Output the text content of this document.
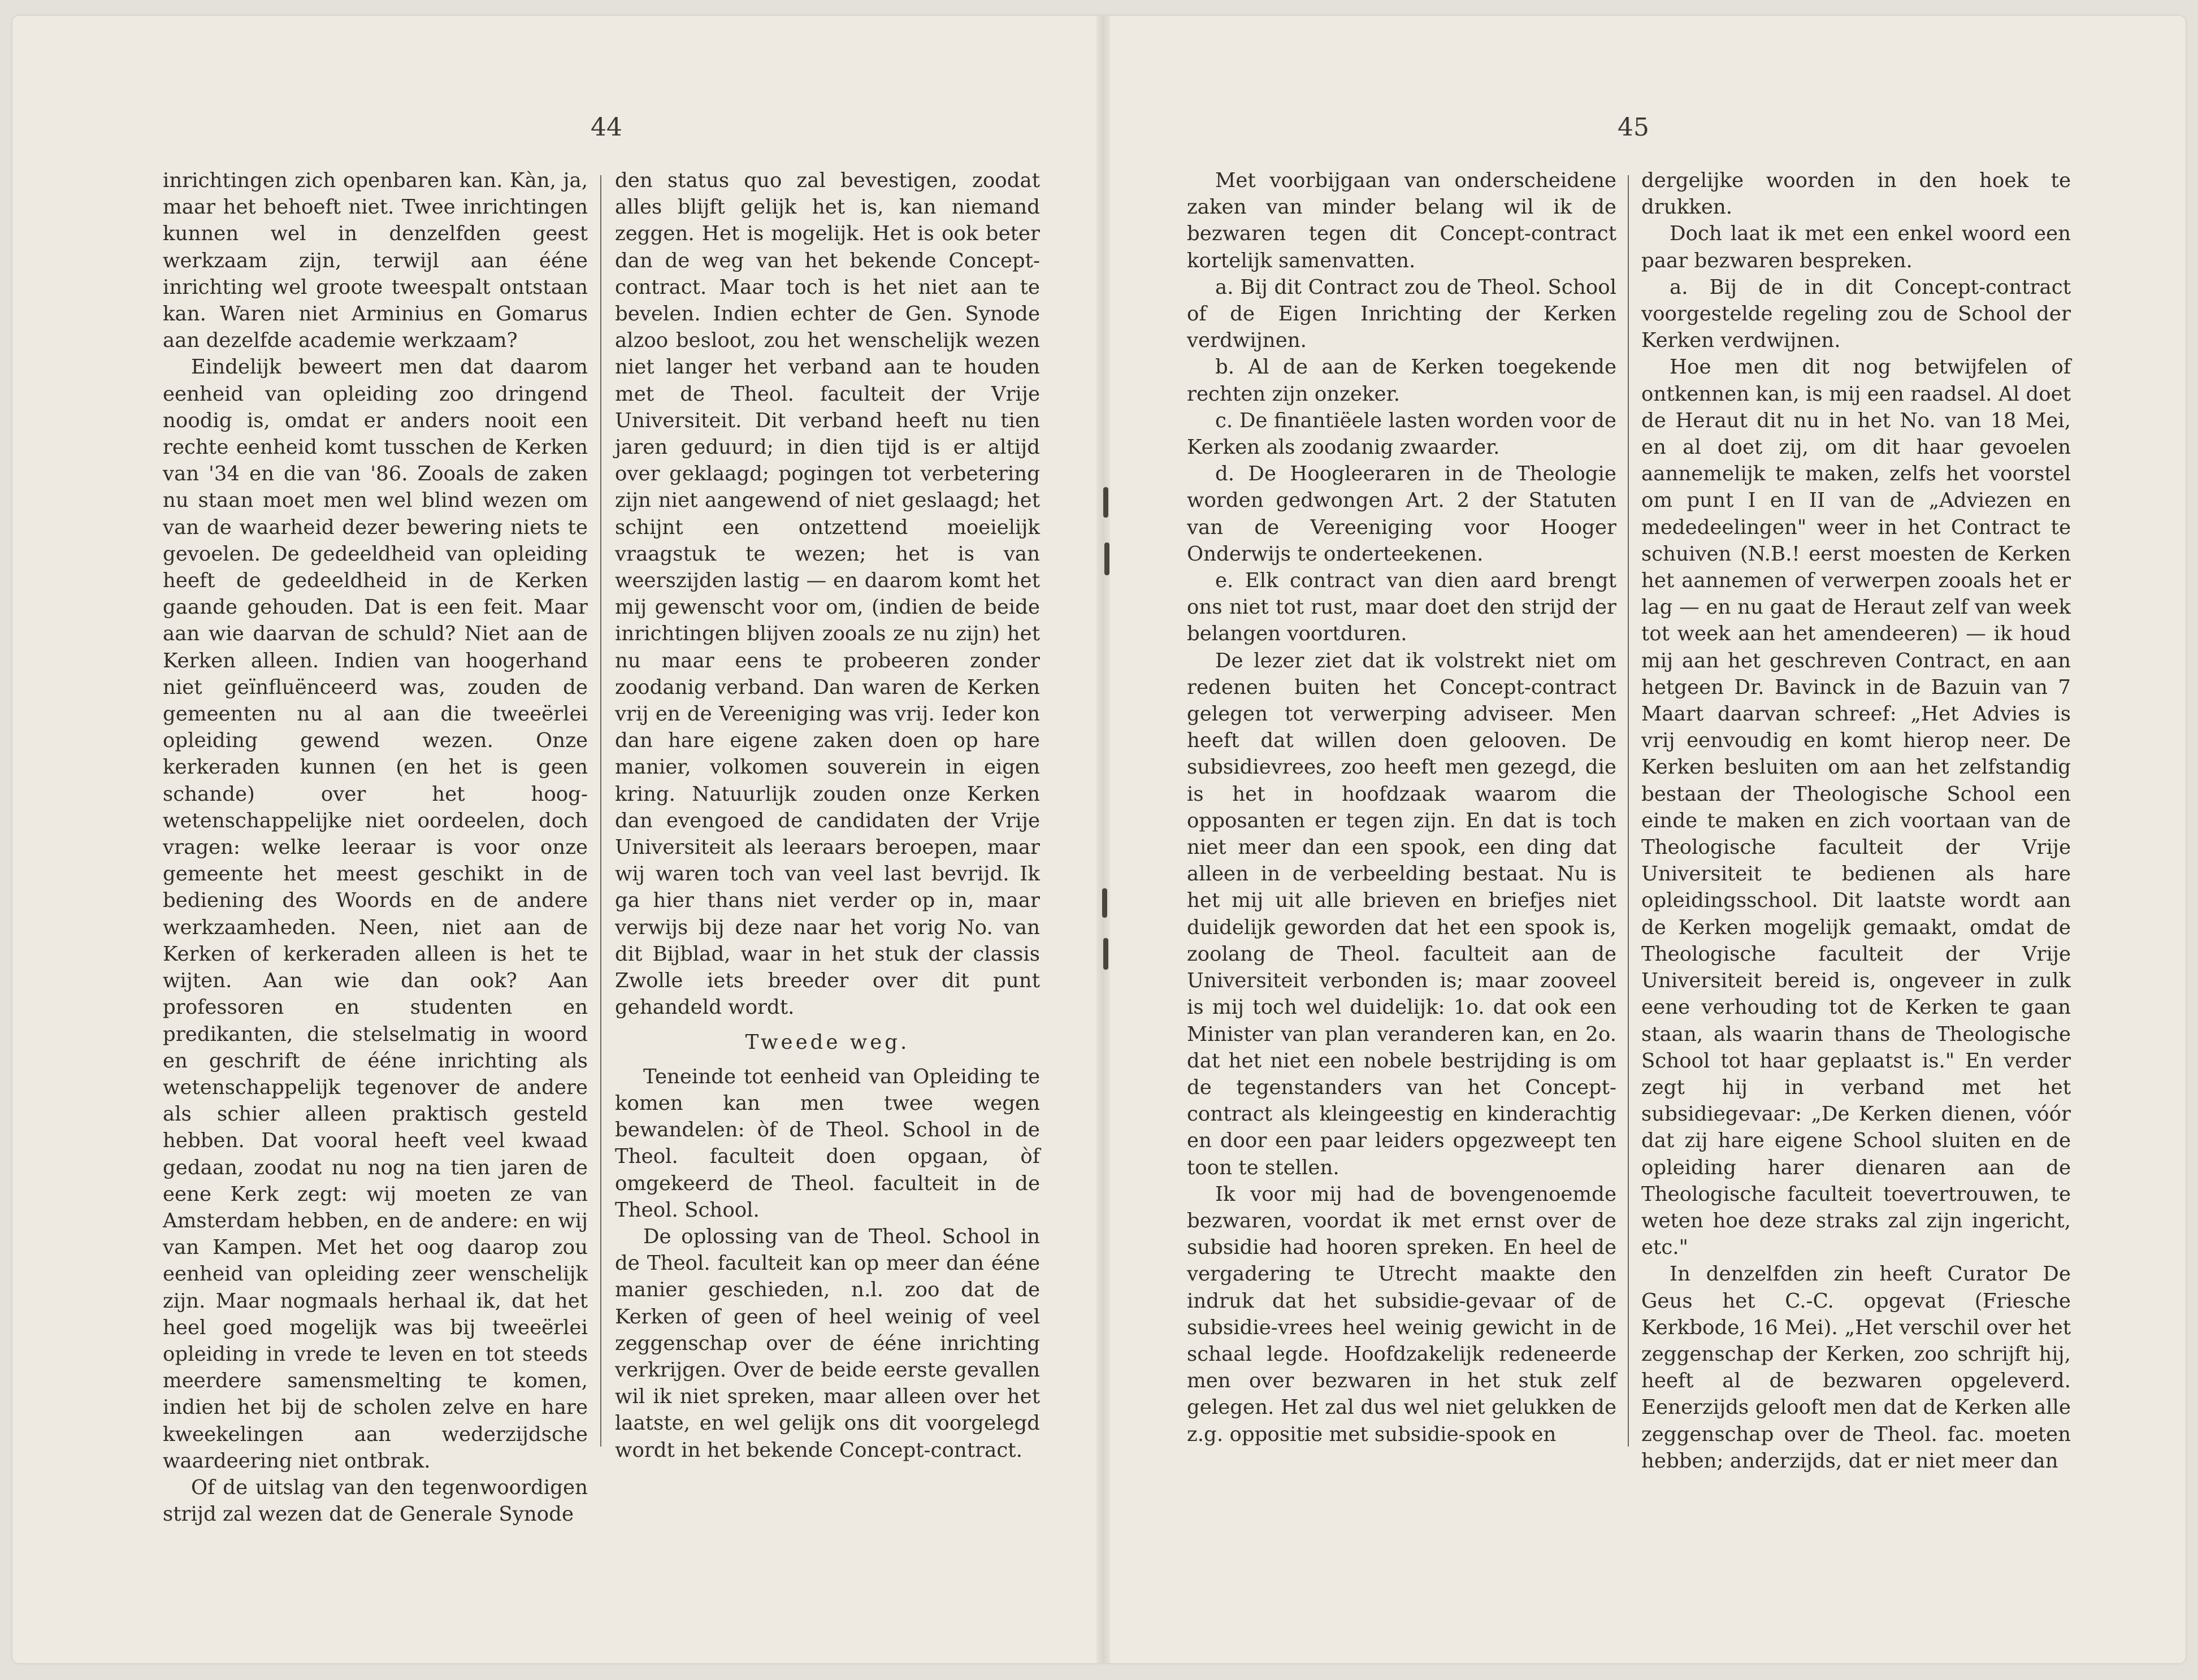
44

inrichtingen zich openbaren kan. Kàn, ja, maar het behoeft niet. Twee inrichtingen kunnen wel in denzelfden geest werkzaam zijn, terwijl aan éénе inrichting wel groote tweespalt ontstaan kan. Waren niet Arminius en Gomarus aan dezelfde academie werkzaam?

Eindelijk beweert men dat daarom eenheid van opleiding zoo dringend noodig is, omdat er anders nooit een rechte eenheid komt tusschen de Kerken van '34 en die van '86. Zooals de zaken nu staan moet men wel blind wezen om van de waarheid dezer bewering niets te gevoelen. De gedeeldheid van opleiding heeft de gedeeldheid in de Kerken gaande gehouden. Dat is een feit. Maar aan wie daarvan de schuld? Niet aan de Kerken alleen. Indien van hoogerhand niet geïnfluënceerd was, zouden de gemeenten nu al aan die tweeërlei opleiding gewend wezen. Onze kerkeraden kunnen (en het is geen schande) over het hoog-wetenschappelijke niet oordeelen, doch vragen: welke leeraar is voor onze gemeente het meest geschikt in de bediening des Woords en de andere werkzaamheden. Neen, niet aan de Kerken of kerkeraden alleen is het te wijten. Aan wie dan ook? Aan professoren en studenten en predikanten, die stelselmatig in woord en geschrift de éénе inrichting als wetenschappelijk tegenover de andere als schier alleen praktisch gesteld hebben. Dat vooral heeft veel kwaad gedaan, zoodat nu nog na tien jaren de eene Kerk zegt: wij moeten ze van Amsterdam hebben, en de andere: en wij van Kampen. Met het oog daarop zou eenheid van opleiding zeer wenschelijk zijn. Maar nogmaals herhaal ik, dat het heel goed mogelijk was bij tweeërlei opleiding in vrede te leven en tot steeds meerdere samensmelting te komen, indien het bij de scholen zelve en hare kweekelingen aan wederzijdsche waardeering niet ontbrak.

Of de uitslag van den tegenwoordigen strijd zal wezen dat de Generale Synode

den status quo zal bevestigen, zoodat alles blijft gelijk het is, kan niemand zeggen. Het is mogelijk. Het is ook beter dan de weg van het bekende Concept-contract. Maar toch is het niet aan te bevelen. Indien echter de Gen. Synode alzoo besloot, zou het wenschelijk wezen niet langer het verband aan te houden met de Theol. faculteit der Vrije Universiteit. Dit verband heeft nu tien jaren geduurd; in dien tijd is er altijd over geklaagd; pogingen tot verbetering zijn niet aangewend of niet geslaagd; het schijnt een ontzettend moeielijk vraagstuk te wezen; het is van weerszijden lastig — en daarom komt het mij gewenscht voor om, (indien de beide inrichtingen blijven zooals ze nu zijn) het nu maar eens te probeeren zonder zoodanig verband. Dan waren de Kerken vrij en de Vereeniging was vrij. Ieder kon dan hare eigene zaken doen op hare manier, volkomen souverein in eigen kring. Natuurlijk zouden onze Kerken dan evengoed de candidaten der Vrije Universiteit als leeraars beroepen, maar wij waren toch van veel last bevrijd. Ik ga hier thans niet verder op in, maar verwijs bij deze naar het vorig No. van dit Bijblad, waar in het stuk der classis Zwolle iets breeder over dit punt gehandeld wordt.

Tweede weg.

Teneinde tot eenheid van Opleiding te komen kan men twee wegen bewandelen: òf de Theol. School in de Theol. faculteit doen opgaan, òf omgekeerd de Theol. faculteit in de Theol. School.

De oplossing van de Theol. School in de Theol. faculteit kan op meer dan éénе manier geschieden, n.l. zoo dat de Kerken of geen of heel weinig of veel zeggenschap over de éénе inrichting verkrijgen. Over de beide eerste gevallen wil ik niet spreken, maar alleen over het laatste, en wel gelijk ons dit voorgelegd wordt in het bekende Concept-contract.

45

Met voorbijgaan van onderscheidene zaken van minder belang wil ik de bezwaren tegen dit Concept-contract kortelijk samenvatten.

a. Bij dit Contract zou de Theol. School of de Eigen Inrichting der Kerken verdwijnen.

b. Al de aan de Kerken toegekende rechten zijn onzeker.

c. De finantiëele lasten worden voor de Kerken als zoodanig zwaarder.

d. De Hoogleeraren in de Theologie worden gedwongen Art. 2 der Statuten van de Vereeniging voor Hooger Onderwijs te onderteekenen.

e. Elk contract van dien aard brengt ons niet tot rust, maar doet den strijd der belangen voortduren.

De lezer ziet dat ik volstrekt niet om redenen buiten het Concept-contract gelegen tot verwerping adviseer. Men heeft dat willen doen gelooven. De subsidievrees, zoo heeft men gezegd, die is het in hoofdzaak waarom die opposanten er tegen zijn. En dat is toch niet meer dan een spook, een ding dat alleen in de verbeelding bestaat. Nu is het mij uit alle brieven en briefjes niet duidelijk geworden dat het een spook is, zoolang de Theol. faculteit aan de Universiteit verbonden is; maar zooveel is mij toch wel duidelijk: 1o. dat ook een Minister van plan veranderen kan, en 2o. dat het niet een nobele bestrijding is om de tegenstanders van het Concept-contract als kleingeestig en kinderachtig en door een paar leiders opgezweept ten toon te stellen.

Ik voor mij had de bovengenoemde bezwaren, voordat ik met ernst over de subsidie had hooren spreken. En heel de vergadering te Utrecht maakte den indruk dat het subsidie-gevaar of de subsidie-vrees heel weinig gewicht in de schaal legde. Hoofdzakelijk redeneerde men over bezwaren in het stuk zelf gelegen. Het zal dus wel niet gelukken de z.g. oppositie met subsidie-spook en

dergelijke woorden in den hoek te drukken.

Doch laat ik met een enkel woord een paar bezwaren bespreken.

a. Bij de in dit Concept-contract voorgestelde regeling zou de School der Kerken verdwijnen.

Hoe men dit nog betwijfelen of ontkennen kan, is mij een raadsel. Al doet de Heraut dit nu in het No. van 18 Mei, en al doet zij, om dit haar gevoelen aannemelijk te maken, zelfs het voorstel om punt I en II van de „Adviezen en mededeelingen" weer in het Contract te schuiven (N.B.! eerst moesten de Kerken het aannemen of verwerpen zooals het er lag — en nu gaat de Heraut zelf van week tot week aan het amendeeren) — ik houd mij aan het geschreven Contract, en aan hetgeen Dr. Bavinck in de Bazuin van 7 Maart daarvan schreef: „Het Advies is vrij eenvoudig en komt hierop neer. De Kerken besluiten om aan het zelfstandig bestaan der Theologische School een einde te maken en zich voortaan van de Theologische faculteit der Vrije Universiteit te bedienen als hare opleidingsschool. Dit laatste wordt aan de Kerken mogelijk gemaakt, omdat de Theologische faculteit der Vrije Universiteit bereid is, ongeveer in zulk eene verhouding tot de Kerken te gaan staan, als waarin thans de Theologische School tot haar geplaatst is." En verder zegt hij in verband met het subsidiegevaar: „De Kerken dienen, vóór dat zij hare eigene School sluiten en de opleiding harer dienaren aan de Theologische faculteit toevertrouwen, te weten hoe deze straks zal zijn ingericht, etc."

In denzelfden zin heeft Curator De Geus het C.-C. opgevat (Friesche Kerkbode, 16 Mei). „Het verschil over het zeggenschap der Kerken, zoo schrijft hij, heeft al de bezwaren opgeleverd. Eenerzijds gelooft men dat de Kerken alle zeggenschap over de Theol. fac. moeten hebben; anderzijds, dat er niet meer dan
